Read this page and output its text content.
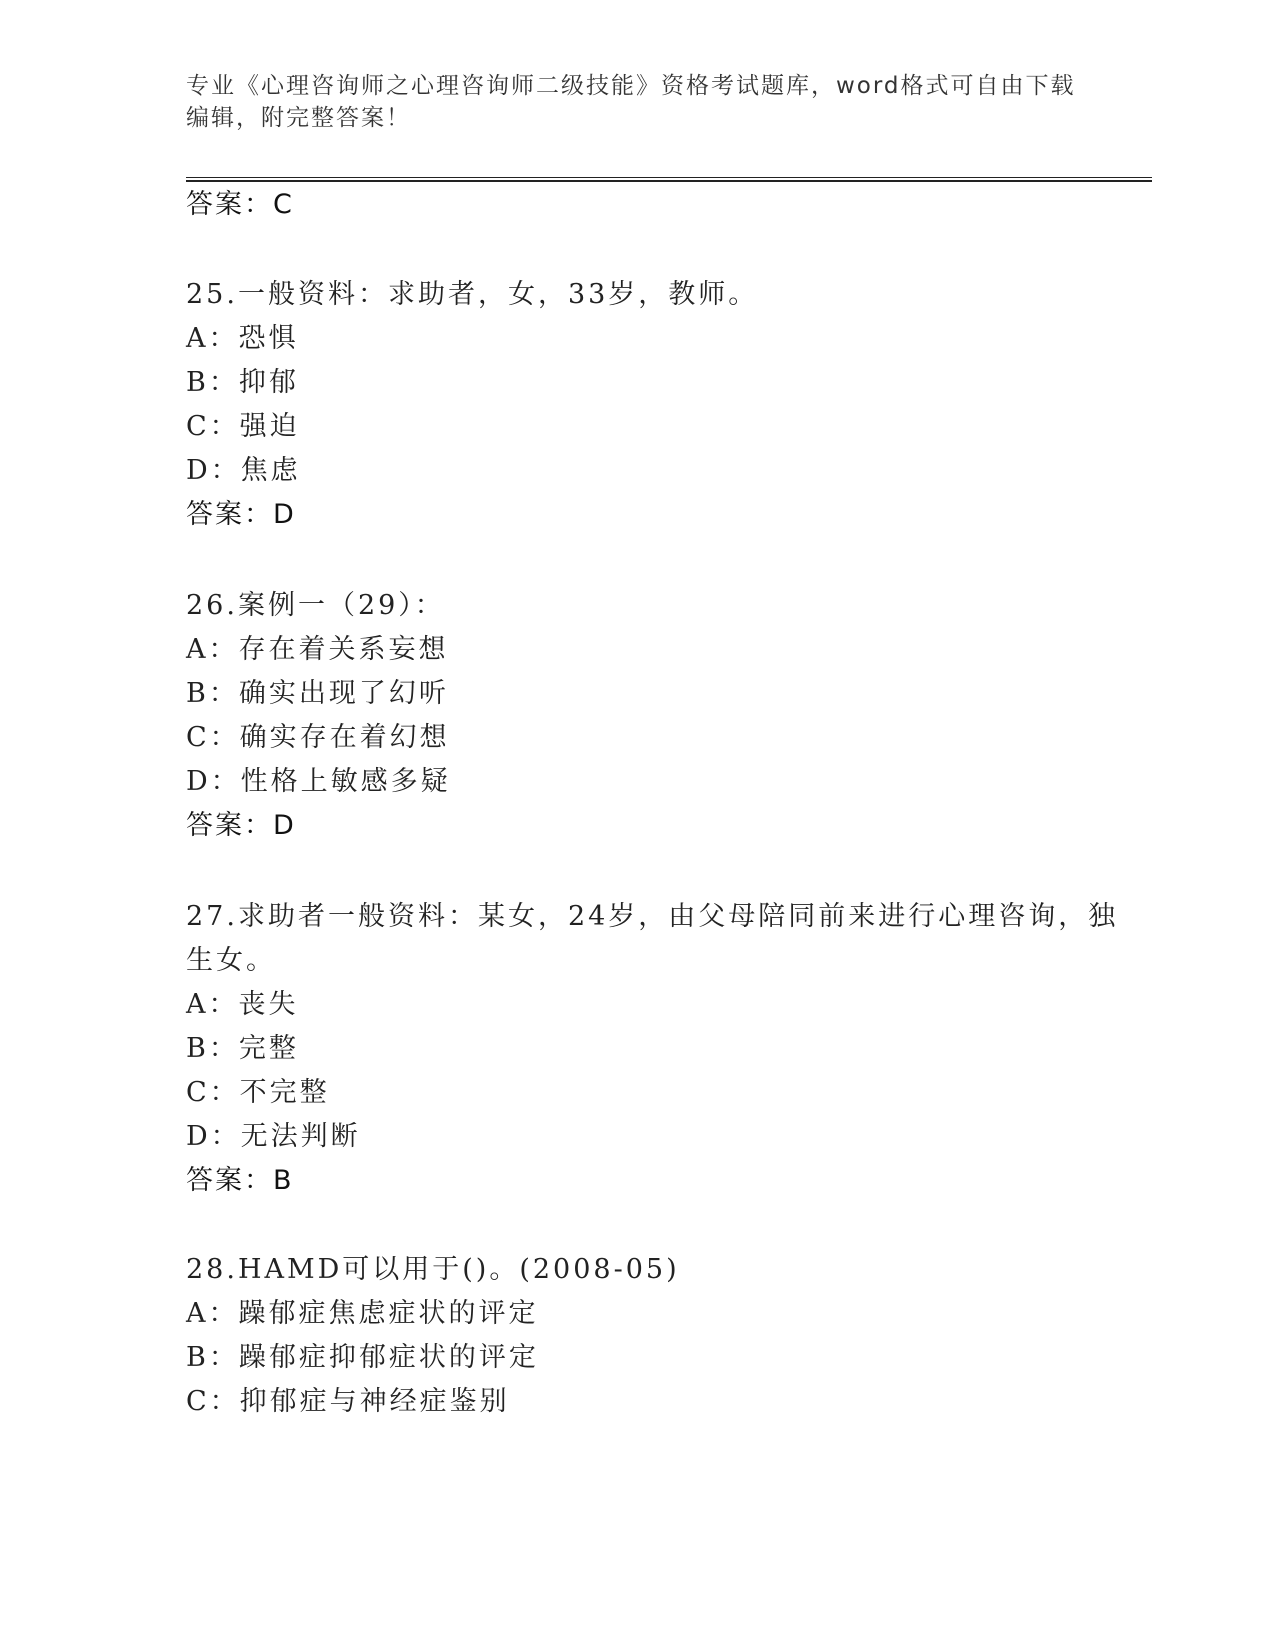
专业《心理咨询师之心理咨询师二级技能》资格考试题库，word格式可自由下载
编辑，附完整答案！
答案：C
25.一般资料：求助者，女，33岁，教师。
A：恐惧
B：抑郁
C：强迫
D：焦虑
答案：D
26.案例一（29）：
A：存在着关系妄想
B：确实出现了幻听
C：确实存在着幻想
D：性格上敏感多疑
答案：D
27.求助者一般资料：某女，24岁，由父母陪同前来进行心理咨询，独
生女。
A：丧失
B：完整
C：不完整
D：无法判断
答案：B
28.HAMD可以用于()。(2008-05)
A：躁郁症焦虑症状的评定
B：躁郁症抑郁症状的评定
C：抑郁症与神经症鉴别
